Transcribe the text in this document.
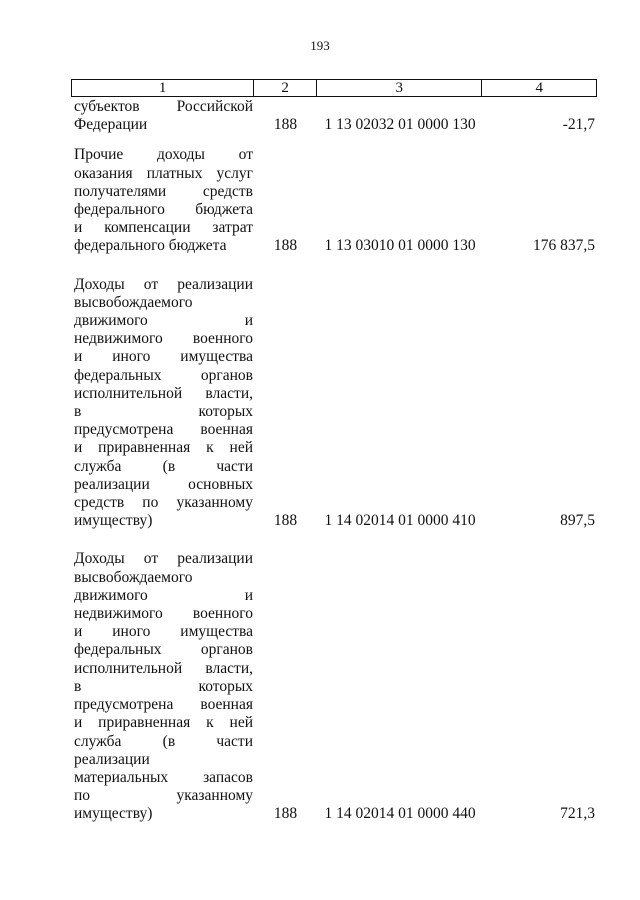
193
1	2	3	4
субъектов Российской
Федерации	188	1 13 02032 01 0000 130	-21,7
Прочие доходы от
оказания платных услуг
получателями средств
федерального бюджета
и компенсации затрат
федерального бюджета	188	1 13 03010 01 0000 130	176 837,5
Доходы от реализации
высвобождаемого
движимого и
недвижимого военного
и иного имущества
федеральных органов
исполнительной власти,
в которых
предусмотрена военная
и приравненная к ней
служба (в части
реализации основных
средств по указанному
имуществу)	188	1 14 02014 01 0000 410	897,5
Доходы от реализации
высвобождаемого
движимого и
недвижимого военного
и иного имущества
федеральных органов
исполнительной власти,
в которых
предусмотрена военная
и приравненная к ней
служба (в части
реализации
материальных запасов
по указанному
имуществу)	188	1 14 02014 01 0000 440	721,3
